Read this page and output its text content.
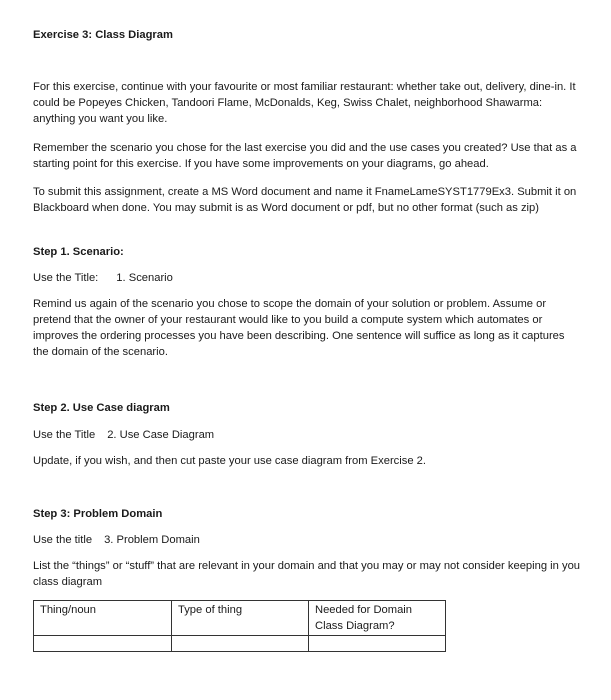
Exercise 3: Class Diagram

For this exercise, continue with your favourite or most familiar restaurant: whether take out, delivery, dine-in. It could be Popeyes Chicken, Tandoori Flame, McDonalds, Keg, Swiss Chalet, neighborhood Shawarma: anything you want you like.

Remember the scenario you chose for the last exercise you did and the use cases you created? Use that as a starting point for this exercise. If you have some improvements on your diagrams, go ahead.

To submit this assignment, create a MS Word document and name it FnameLameSYST1779Ex3. Submit it on Blackboard when done. You may submit is as Word document or pdf, but no other format (such as zip)

Step 1. Scenario:

Use the Title: 1. Scenario

Remind us again of the scenario you chose to scope the domain of your solution or problem. Assume or pretend that the owner of your restaurant would like to you build a compute system which automates or improves the ordering processes you have been describing. One sentence will suffice as long as it captures the domain of the scenario.

Step 2. Use Case diagram

Use the Title 2. Use Case Diagram

Update, if you wish, and then cut paste your use case diagram from Exercise 2.

Step 3: Problem Domain

Use the title 3. Problem Domain

List the “things” or “stuff” that are relevant in your domain and that you may or may not consider keeping in you class diagram

Thing/noun	Type of thing	Needed for Domain Class Diagram?
